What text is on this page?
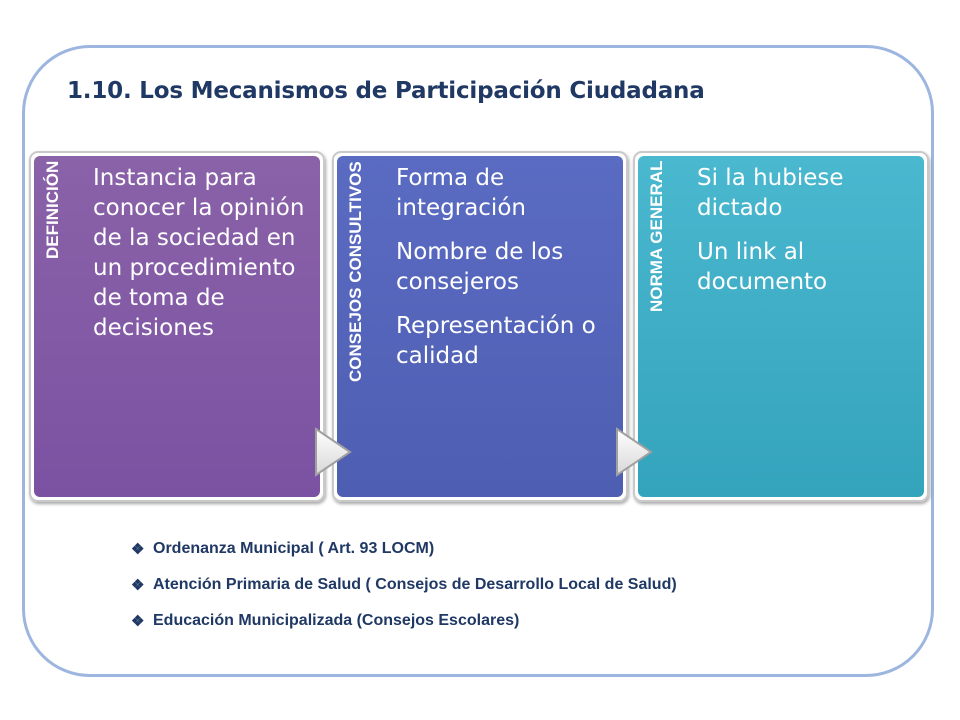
1.10. Los Mecanismos de Participación Ciudadana
DEFINICIÓN	Instancia para conocer la opinión de la sociedad en un procedimiento de toma de decisiones	CONSEJOS CONSULTIVOS	Forma de integración

Nombre de los consejeros

Representación o calidad

NORMA GENERAL	Si la hubiese dictado

Un link al documento

❖ Ordenanza Municipal ( Art. 93 LOCM)
❖ Atención Primaria de Salud ( Consejos de Desarrollo Local de Salud)
❖ Educación Municipalizada (Consejos Escolares)
